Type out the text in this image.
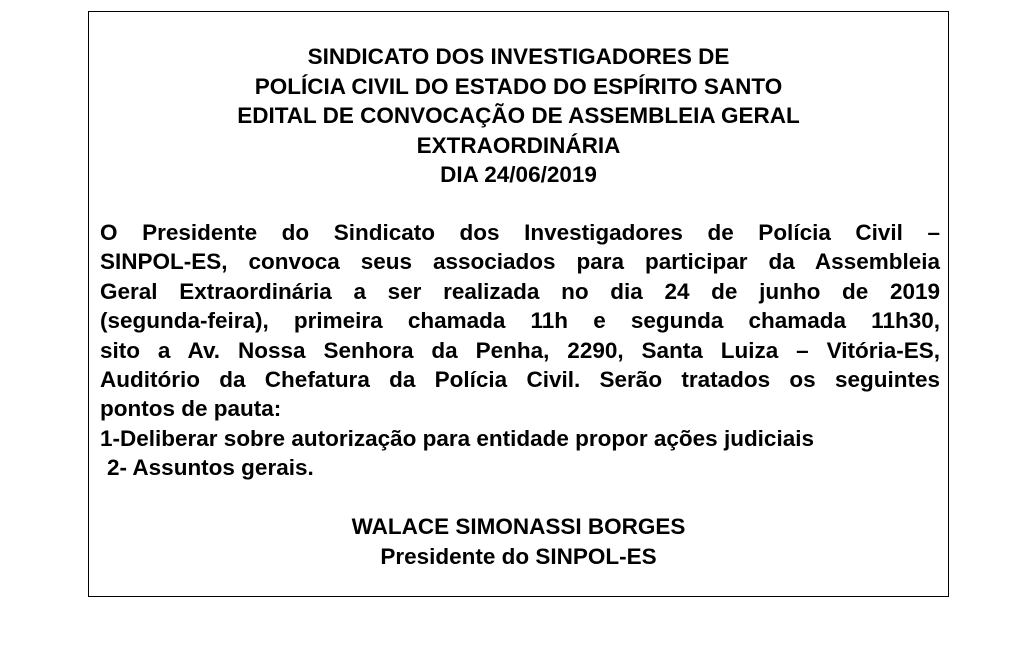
SINDICATO DOS INVESTIGADORES DE
POLÍCIA CIVIL DO ESTADO DO ESPÍRITO SANTO
EDITAL DE CONVOCAÇÃO DE ASSEMBLEIA GERAL
EXTRAORDINÁRIA
DIA 24/06/2019
O Presidente do Sindicato dos Investigadores de Polícia Civil –
SINPOL-ES, convoca seus associados para participar da Assembleia
Geral Extraordinária a ser realizada no dia 24 de junho de 2019
(segunda-feira), primeira chamada 11h e segunda chamada 11h30,
sito a Av. Nossa Senhora da Penha, 2290, Santa Luiza – Vitória-ES,
Auditório da Chefatura da Polícia Civil. Serão tratados os seguintes
pontos de pauta:
1-Deliberar sobre autorização para entidade propor ações judiciais
2- Assuntos gerais.
WALACE SIMONASSI BORGES
Presidente do SINPOL-ES
